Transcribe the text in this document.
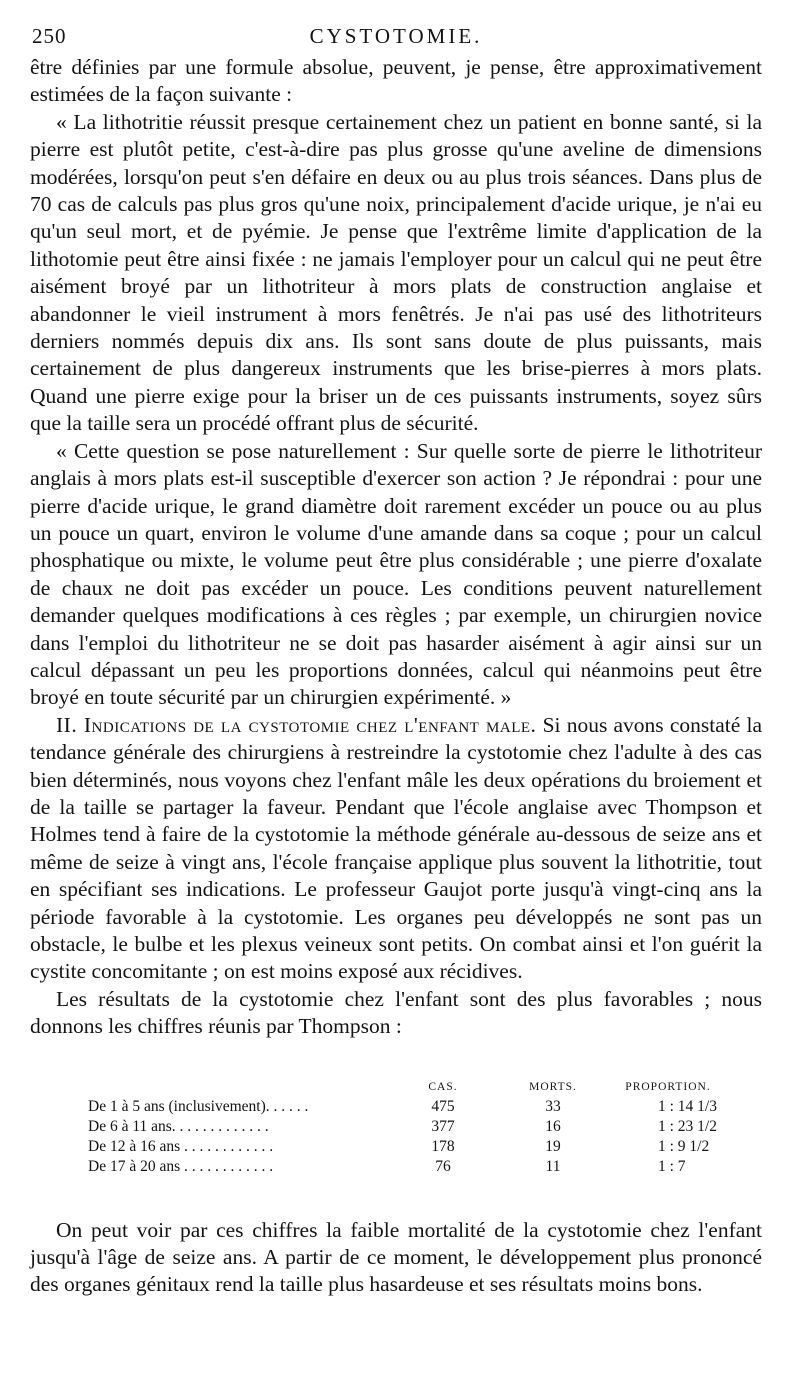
250	CYSTOTOMIE.

être définies par une formule absolue, peuvent, je pense, être approximativement estimées de la façon suivante :

« La lithotritie réussit presque certainement chez un patient en bonne santé, si la pierre est plutôt petite, c'est-à-dire pas plus grosse qu'une aveline de dimensions modérées, lorsqu'on peut s'en défaire en deux ou au plus trois séances. Dans plus de 70 cas de calculs pas plus gros qu'une noix, principalement d'acide urique, je n'ai eu qu'un seul mort, et de pyémie. Je pense que l'extrême limite d'application de la lithotomie peut être ainsi fixée : ne jamais l'employer pour un calcul qui ne peut être aisément broyé par un lithotriteur à mors plats de construction anglaise et abandonner le vieil instrument à mors fenêtrés. Je n'ai pas usé des lithotriteurs derniers nommés depuis dix ans. Ils sont sans doute de plus puissants, mais certainement de plus dangereux instruments que les brise-pierres à mors plats. Quand une pierre exige pour la briser un de ces puissants instruments, soyez sûrs que la taille sera un procédé offrant plus de sécurité.

« Cette question se pose naturellement : Sur quelle sorte de pierre le lithotriteur anglais à mors plats est-il susceptible d'exercer son action ? Je répondrai : pour une pierre d'acide urique, le grand diamètre doit rarement excéder un pouce ou au plus un pouce un quart, environ le volume d'une amande dans sa coque ; pour un calcul phosphatique ou mixte, le volume peut être plus considérable ; une pierre d'oxalate de chaux ne doit pas excéder un pouce. Les conditions peuvent naturellement demander quelques modifications à ces règles ; par exemple, un chirurgien novice dans l'emploi du lithotriteur ne se doit pas hasarder aisément à agir ainsi sur un calcul dépassant un peu les proportions données, calcul qui néanmoins peut être broyé en toute sécurité par un chirurgien expérimenté. »

II. Indications de la cystotomie chez l'enfant male. Si nous avons constaté la tendance générale des chirurgiens à restreindre la cystotomie chez l'adulte à des cas bien déterminés, nous voyons chez l'enfant mâle les deux opérations du broiement et de la taille se partager la faveur. Pendant que l'école anglaise avec Thompson et Holmes tend à faire de la cystotomie la méthode générale au-dessous de seize ans et même de seize à vingt ans, l'école française applique plus souvent la lithotritie, tout en spécifiant ses indications. Le professeur Gaujot porte jusqu'à vingt-cinq ans la période favorable à la cystotomie. Les organes peu développés ne sont pas un obstacle, le bulbe et les plexus veineux sont petits. On combat ainsi et l'on guérit la cystite concomitante ; on est moins exposé aux récidives.

Les résultats de la cystotomie chez l'enfant sont des plus favorables ; nous donnons les chiffres réunis par Thompson :

	CAS.	MORTS.	PROPORTION.
De 1 à 5 ans (inclusivement). . . . . .	475	33	1 : 14 1/3
De 6 à 11 ans. . . . . . . . . . . . .	377	16	1 : 23 1/2
De 12 à 16 ans . . . . . . . . . . . .	178	19	1 : 9 1/2
De 17 à 20 ans . . . . . . . . . . . .	76	11	1 : 7

On peut voir par ces chiffres la faible mortalité de la cystotomie chez l'enfant jusqu'à l'âge de seize ans. A partir de ce moment, le développement plus prononcé des organes génitaux rend la taille plus hasardeuse et ses résultats moins bons.
